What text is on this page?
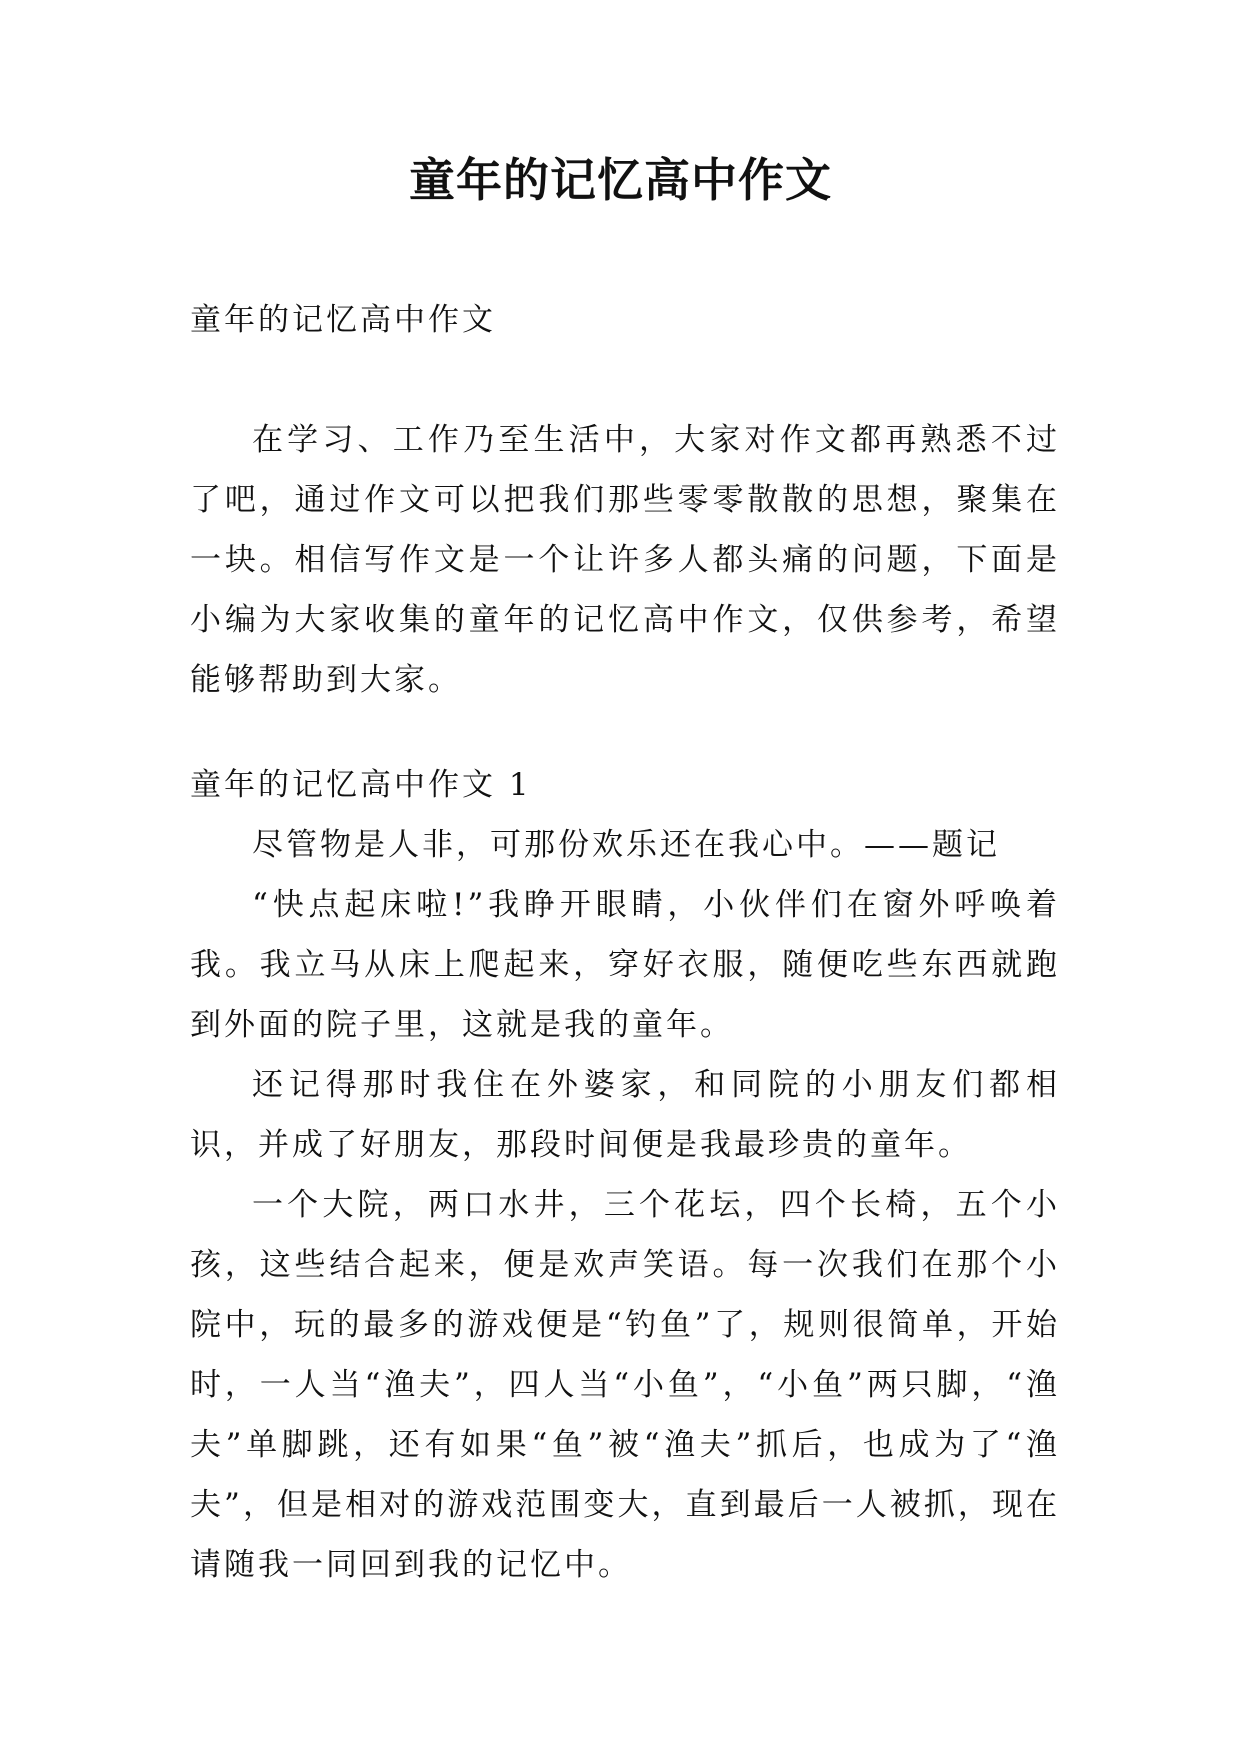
童年的记忆高中作文
童年的记忆高中作文

在学习、工作乃至生活中，大家对作文都再熟悉不过了吧，通过作文可以把我们那些零零散散的思想，聚集在一块。相信写作文是一个让许多人都头痛的问题，下面是小编为大家收集的童年的记忆高中作文，仅供参考，希望能够帮助到大家。

童年的记忆高中作文 1

尽管物是人非，可那份欢乐还在我心中。——题记

“快点起床啦!”我睁开眼睛，小伙伴们在窗外呼唤着我。我立马从床上爬起来，穿好衣服，随便吃些东西就跑到外面的院子里，这就是我的童年。

还记得那时我住在外婆家，和同院的小朋友们都相识，并成了好朋友，那段时间便是我最珍贵的童年。

一个大院，两口水井，三个花坛，四个长椅，五个小孩，这些结合起来，便是欢声笑语。每一次我们在那个小院中，玩的最多的游戏便是“钓鱼”了，规则很简单，开始时，一人当“渔夫”，四人当“小鱼”，“小鱼”两只脚，“渔夫”单脚跳，还有如果“鱼”被“渔夫”抓后，也成为了“渔夫”，但是相对的游戏范围变大，直到最后一人被抓，现在请随我一同回到我的记忆中。
